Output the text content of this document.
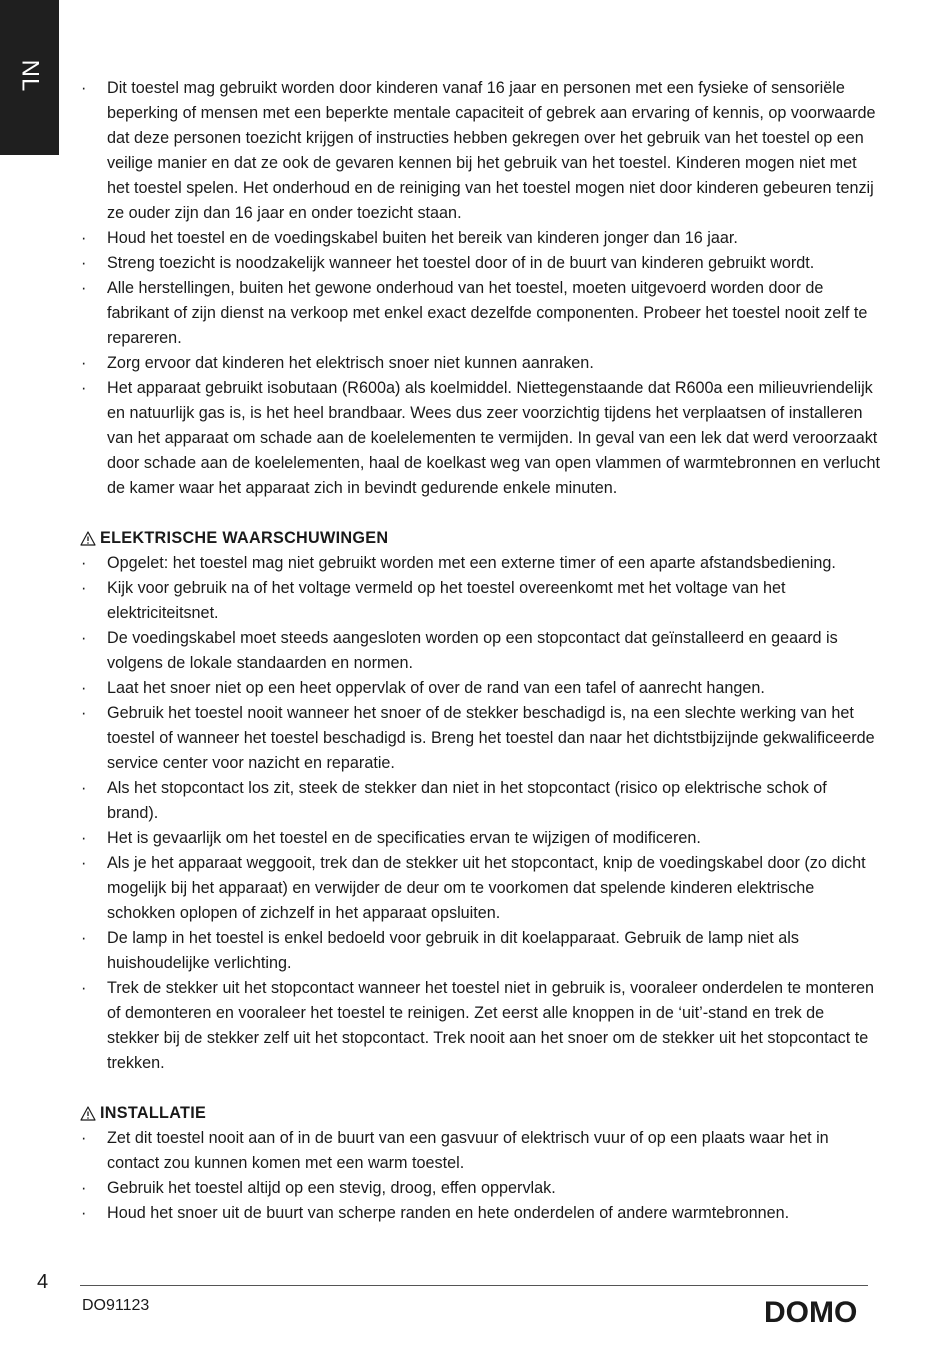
NL
·	Dit toestel mag gebruikt worden door kinderen vanaf 16 jaar en personen met een fysieke of sensoriële beperking of mensen met een beperkte mentale capaciteit of gebrek aan ervaring of kennis, op voorwaarde dat deze personen toezicht krijgen of instructies hebben gekregen over het gebruik van het toestel op een veilige manier en dat ze ook de gevaren kennen bij het gebruik van het toestel. Kinderen mogen niet met het toestel spelen. Het onderhoud en de reiniging van het toestel mogen niet door kinderen gebeuren tenzij ze ouder zijn dan 16 jaar en onder toezicht staan.
· Houd het toestel en de voedingskabel buiten het bereik van kinderen jonger dan 16 jaar.
· Streng toezicht is noodzakelijk wanneer het toestel door of in de buurt van kinderen gebruikt wordt.
· Alle herstellingen, buiten het gewone onderhoud van het toestel, moeten uitgevoerd worden door de fabrikant of zijn dienst na verkoop met enkel exact dezelfde componenten. Probeer het toestel nooit zelf te repareren.
· Zorg ervoor dat kinderen het elektrisch snoer niet kunnen aanraken.
· Het apparaat gebruikt isobutaan (R600a) als koelmiddel. Niettegenstaande dat R600a een milieuvriendelijk en natuurlijk gas is, is het heel brandbaar. Wees dus zeer voorzichtig tijdens het verplaatsen of installeren van het apparaat om schade aan de koelelementen te vermijden. In geval van een lek dat werd veroorzaakt door schade aan de koelelementen, haal de koelkast weg van open vlammen of warmtebronnen en verlucht de kamer waar het apparaat zich in bevindt gedurende enkele minuten.
ELEKTRISCHE WAARSCHUWINGEN
· Opgelet: het toestel mag niet gebruikt worden met een externe timer of een aparte afstandsbediening.
· Kijk voor gebruik na of het voltage vermeld op het toestel overeenkomt met het voltage van het elektriciteitsnet.
· De voedingskabel moet steeds aangesloten worden op een stopcontact dat geïnstalleerd en geaard is volgens de lokale standaarden en normen.
· Laat het snoer niet op een heet oppervlak of over de rand van een tafel of aanrecht hangen.
· Gebruik het toestel nooit wanneer het snoer of de stekker beschadigd is, na een slechte werking van het toestel of wanneer het toestel beschadigd is. Breng het toestel dan naar het dichtstbijzijnde gekwalificeerde service center voor nazicht en reparatie.
· Als het stopcontact los zit, steek de stekker dan niet in het stopcontact (risico op elektrische schok of brand).
· Het is gevaarlijk om het toestel en de specificaties ervan te wijzigen of modificeren.
· Als je het apparaat weggooit, trek dan de stekker uit het stopcontact, knip de voedingskabel door (zo dicht mogelijk bij het apparaat) en verwijder de deur om te voorkomen dat spelende kinderen elektrische schokken oplopen of zichzelf in het apparaat opsluiten.
· De lamp in het toestel is enkel bedoeld voor gebruik in dit koelapparaat. Gebruik de lamp niet als huishoudelijke verlichting.
· Trek de stekker uit het stopcontact wanneer het toestel niet in gebruik is, vooraleer onderdelen te monteren of demonteren en vooraleer het toestel te reinigen. Zet eerst alle knoppen in de ‘uit’-stand en trek de stekker bij de stekker zelf uit het stopcontact. Trek nooit aan het snoer om de stekker uit het stopcontact te trekken.
INSTALLATIE
· Zet dit toestel nooit aan of in de buurt van een gasvuur of elektrisch vuur of op een plaats waar het in contact zou kunnen komen met een warm toestel.
· Gebruik het toestel altijd op een stevig, droog, effen oppervlak.
· Houd het snoer uit de buurt van scherpe randen en hete onderdelen of andere warmtebronnen.
4
DO91123	DOMO
